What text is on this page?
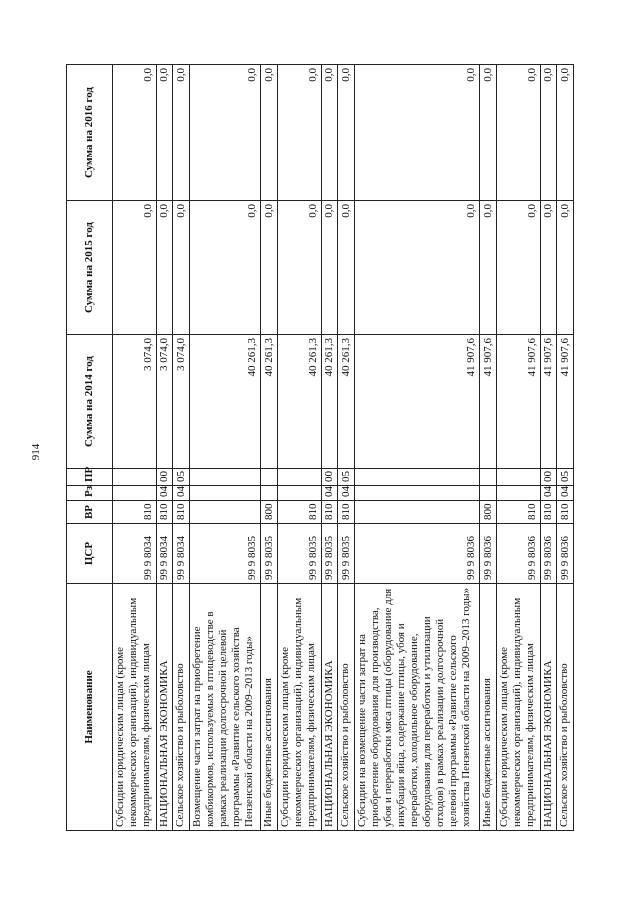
914
Наименование	ЦСР	ВР	Рз	ПР	Сумма на 2014 год	Сумма на 2015 год	Сумма на 2016 год
Субсидии юридическим лицам (кроме некоммерческих организаций), индивидуальным предпринимателям, физическим лицам	99 9 8034	810			3 074,0	0,0	0,0
НАЦИОНАЛЬНАЯ ЭКОНОМИКА	99 9 8034	810	04	00	3 074,0	0,0	0,0
Сельское хозяйство и рыболовство	99 9 8034	810	04	05	3 074,0	0,0	0,0
Возмещение части затрат на приобретение комбикормов, используемых в птицеводстве в рамках реализации долгосрочной целевой программы «Развитие сельского хозяйства Пензенской области на 2009–2013 годы»	99 9 8035				40 261,3	0,0	0,0
Иные бюджетные ассигнования	99 9 8035	800			40 261,3	0,0	0,0
Субсидии юридическим лицам (кроме некоммерческих организаций), индивидуальным предпринимателям, физическим лицам	99 9 8035	810			40 261,3	0,0	0,0
НАЦИОНАЛЬНАЯ ЭКОНОМИКА	99 9 8035	810	04	00	40 261,3	0,0	0,0
Сельское хозяйство и рыболовство	99 9 8035	810	04	05	40 261,3	0,0	0,0
Субсидии на возмещение части затрат на приобретение оборудования для производства, убоя и переработки мяса птицы (оборудование для инкубации яйца, содержание птицы, убоя и переработки, холодильное оборудование, оборудования для переработки и утилизации отходов) в рамках реализации долгосрочной целевой программы «Развитие сельского хозяйства Пензенской области на 2009–2013 годы»	99 9 8036				41 907,6	0,0	0,0
Иные бюджетные ассигнования	99 9 8036	800			41 907,6	0,0	0,0
Субсидии юридическим лицам (кроме некоммерческих организаций), индивидуальным предпринимателям, физическим лицам	99 9 8036	810			41 907,6	0,0	0,0
НАЦИОНАЛЬНАЯ ЭКОНОМИКА	99 9 8036	810	04	00	41 907,6	0,0	0,0
Сельское хозяйство и рыболовство	99 9 8036	810	04	05	41 907,6	0,0	0,0
